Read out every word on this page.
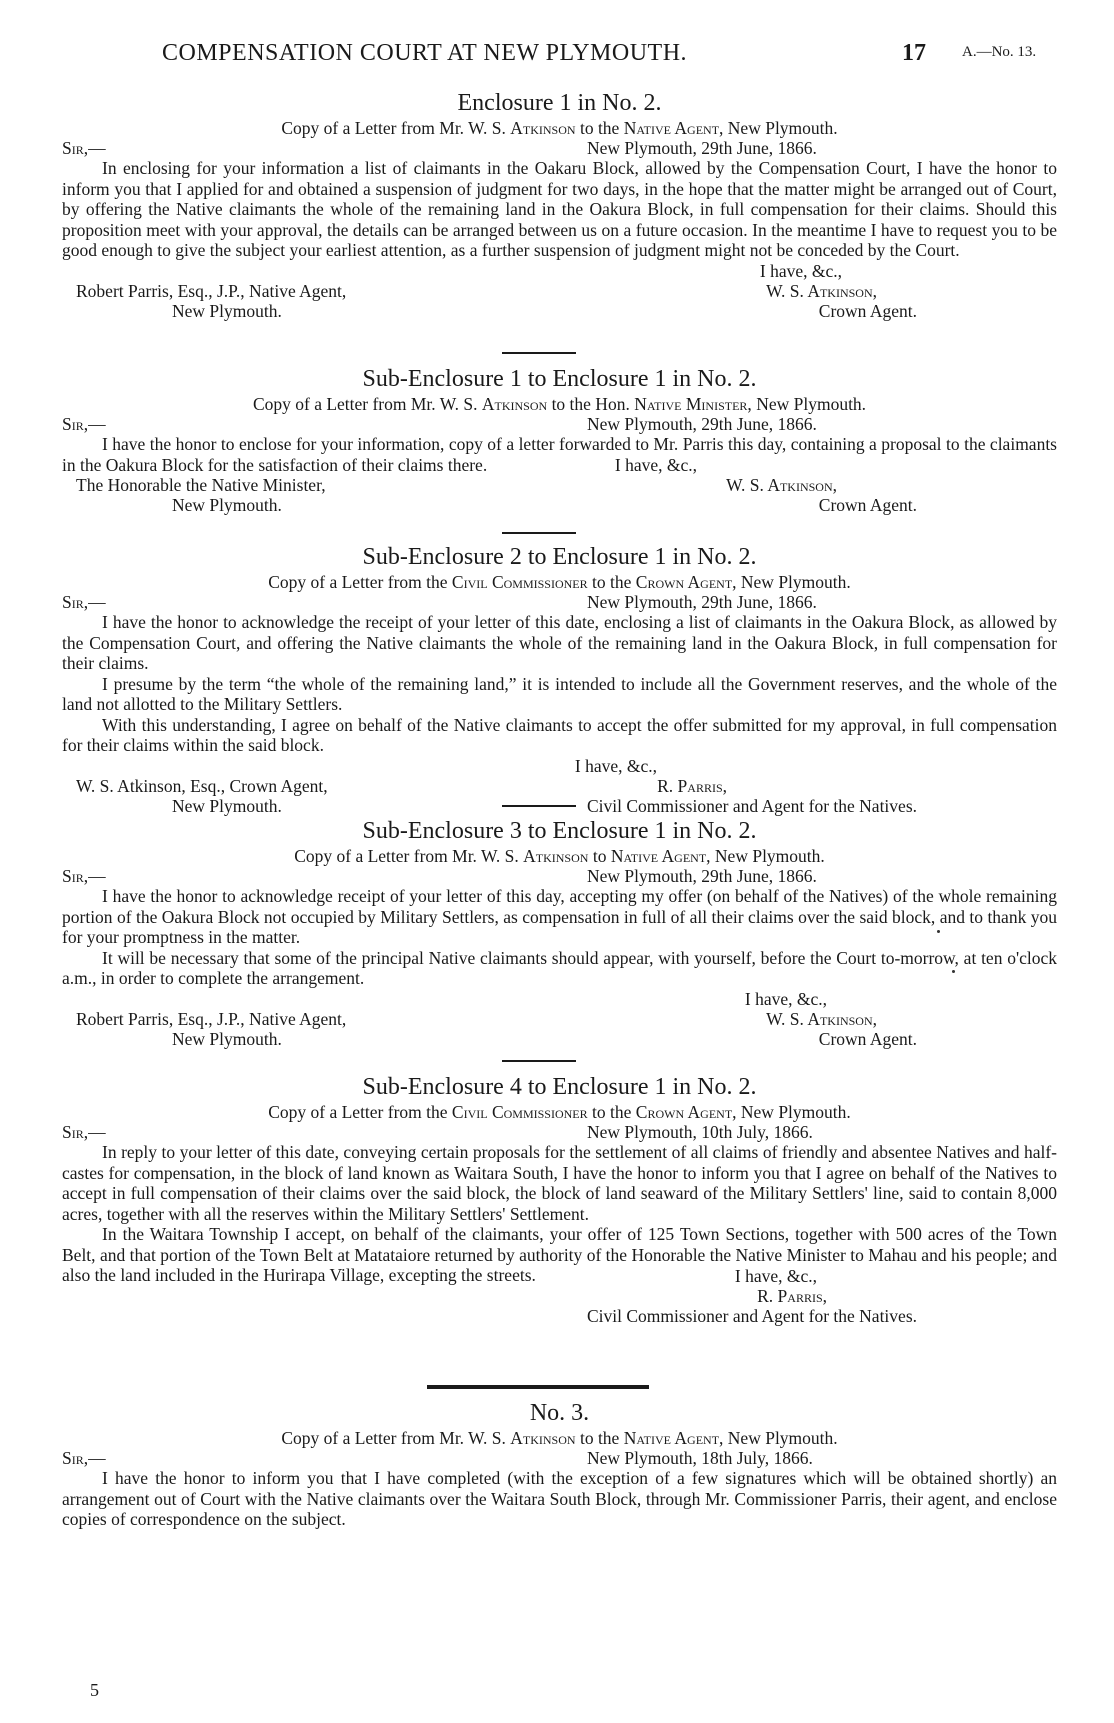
COMPENSATION COURT AT NEW PLYMOUTH.	17 A.—No. 13.

Enclosure 1 in No. 2.

Copy of a Letter from Mr. W. S. Atkinson to the Native Agent, New Plymouth.

Sir,—	New Plymouth, 29th June, 1866.

In enclosing for your information a list of claimants in the Oakaru Block, allowed by the Compensation Court, I have the honor to inform you that I applied for and obtained a suspension of judgment for two days, in the hope that the matter might be arranged out of Court, by offering the Native claimants the whole of the remaining land in the Oakura Block, in full compensation for their claims. Should this proposition meet with your approval, the details can be arranged between us on a future occasion. In the meantime I have to request you to be good enough to give the subject your earliest attention, as a further suspension of judgment might not be conceded by the Court.

I have, &c.,
Robert Parris, Esq., J.P., Native Agent,	W. S. Atkinson,
New Plymouth.	Crown Agent.

Sub-Enclosure 1 to Enclosure 1 in No. 2.

Copy of a Letter from Mr. W. S. Atkinson to the Hon. Native Minister, New Plymouth.

Sir,—	New Plymouth, 29th June, 1866.

I have the honor to enclose for your information, copy of a letter forwarded to Mr. Parris this day, containing a proposal to the claimants in the Oakura Block for the satisfaction of their claims there.	I have, &c.,
The Honorable the Native Minister,	W. S. Atkinson,
New Plymouth.	Crown Agent.

Sub-Enclosure 2 to Enclosure 1 in No. 2.

Copy of a Letter from the Civil Commissioner to the Crown Agent, New Plymouth.

Sir,—	New Plymouth, 29th June, 1866.

I have the honor to acknowledge the receipt of your letter of this date, enclosing a list of claimants in the Oakura Block, as allowed by the Compensation Court, and offering the Native claimants the whole of the remaining land in the Oakura Block, in full compensation for their claims.

I presume by the term “the whole of the remaining land,” it is intended to include all the Government reserves, and the whole of the land not allotted to the Military Settlers.

With this understanding, I agree on behalf of the Native claimants to accept the offer submitted for my approval, in full compensation for their claims within the said block.

I have, &c.,
W. S. Atkinson, Esq., Crown Agent,	R. Parris,
New Plymouth.	Civil Commissioner and Agent for the Natives.

Sub-Enclosure 3 to Enclosure 1 in No. 2.

Copy of a Letter from Mr. W. S. Atkinson to Native Agent, New Plymouth.

Sir,—	New Plymouth, 29th June, 1866.

I have the honor to acknowledge receipt of your letter of this day, accepting my offer (on behalf of the Natives) of the whole remaining portion of the Oakura Block not occupied by Military Settlers, as compensation in full of all their claims over the said block, and to thank you for your promptness in the matter.

It will be necessary that some of the principal Native claimants should appear, with yourself, before the Court to-morrow, at ten o'clock a.m., in order to complete the arrangement.

I have, &c.,
Robert Parris, Esq., J.P., Native Agent,	W. S. Atkinson,
New Plymouth.	Crown Agent.

Sub-Enclosure 4 to Enclosure 1 in No. 2.

Copy of a Letter from the Civil Commissioner to the Crown Agent, New Plymouth.

Sir,—	New Plymouth, 10th July, 1866.

In reply to your letter of this date, conveying certain proposals for the settlement of all claims of friendly and absentee Natives and half-castes for compensation, in the block of land known as Waitara South, I have the honor to inform you that I agree on behalf of the Natives to accept in full compensation of their claims over the said block, the block of land seaward of the Military Settlers' line, said to contain 8,000 acres, together with all the reserves within the Military Settlers' Settlement.

In the Waitara Township I accept, on behalf of the claimants, your offer of 125 Town Sections, together with 500 acres of the Town Belt, and that portion of the Town Belt at Matataiore returned by authority of the Honorable the Native Minister to Mahau and his people; and also the land included in the Hurirapa Village, excepting the streets.	I have, &c.,
R. Parris,
Civil Commissioner and Agent for the Natives.

No. 3.

Copy of a Letter from Mr. W. S. Atkinson to the Native Agent, New Plymouth.

Sir,—	New Plymouth, 18th July, 1866.

I have the honor to inform you that I have completed (with the exception of a few signatures which will be obtained shortly) an arrangement out of Court with the Native claimants over the Waitara South Block, through Mr. Commissioner Parris, their agent, and enclose copies of correspondence on the subject.

5
